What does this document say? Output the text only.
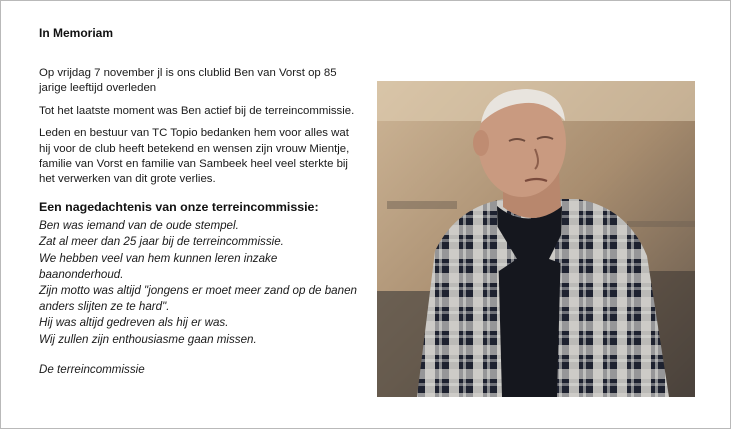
In Memoriam

Op vrijdag 7 november jl is ons clublid Ben van Vorst op 85 jarige leeftijd overleden

Tot het laatste moment was Ben actief bij de terreincommissie.

Leden en bestuur van TC Topio bedanken hem voor alles wat hij voor de club heeft betekend en wensen zijn vrouw Mientje, familie van Vorst en familie van Sambeek heel veel sterkte bij het verwerken van dit grote verlies.

Een nagedachtenis van onze terreincommissie:
Ben was iemand van de oude stempel.
Zat al meer dan 25 jaar bij de terreincommissie.
We hebben veel van hem kunnen leren inzake baanonderhoud.
Zijn motto was altijd "jongens er moet meer zand op de banen anders slijten ze te hard".
Hij was altijd gedreven als hij er was.
Wij zullen zijn enthousiasme gaan missen.
De terreincommissie
